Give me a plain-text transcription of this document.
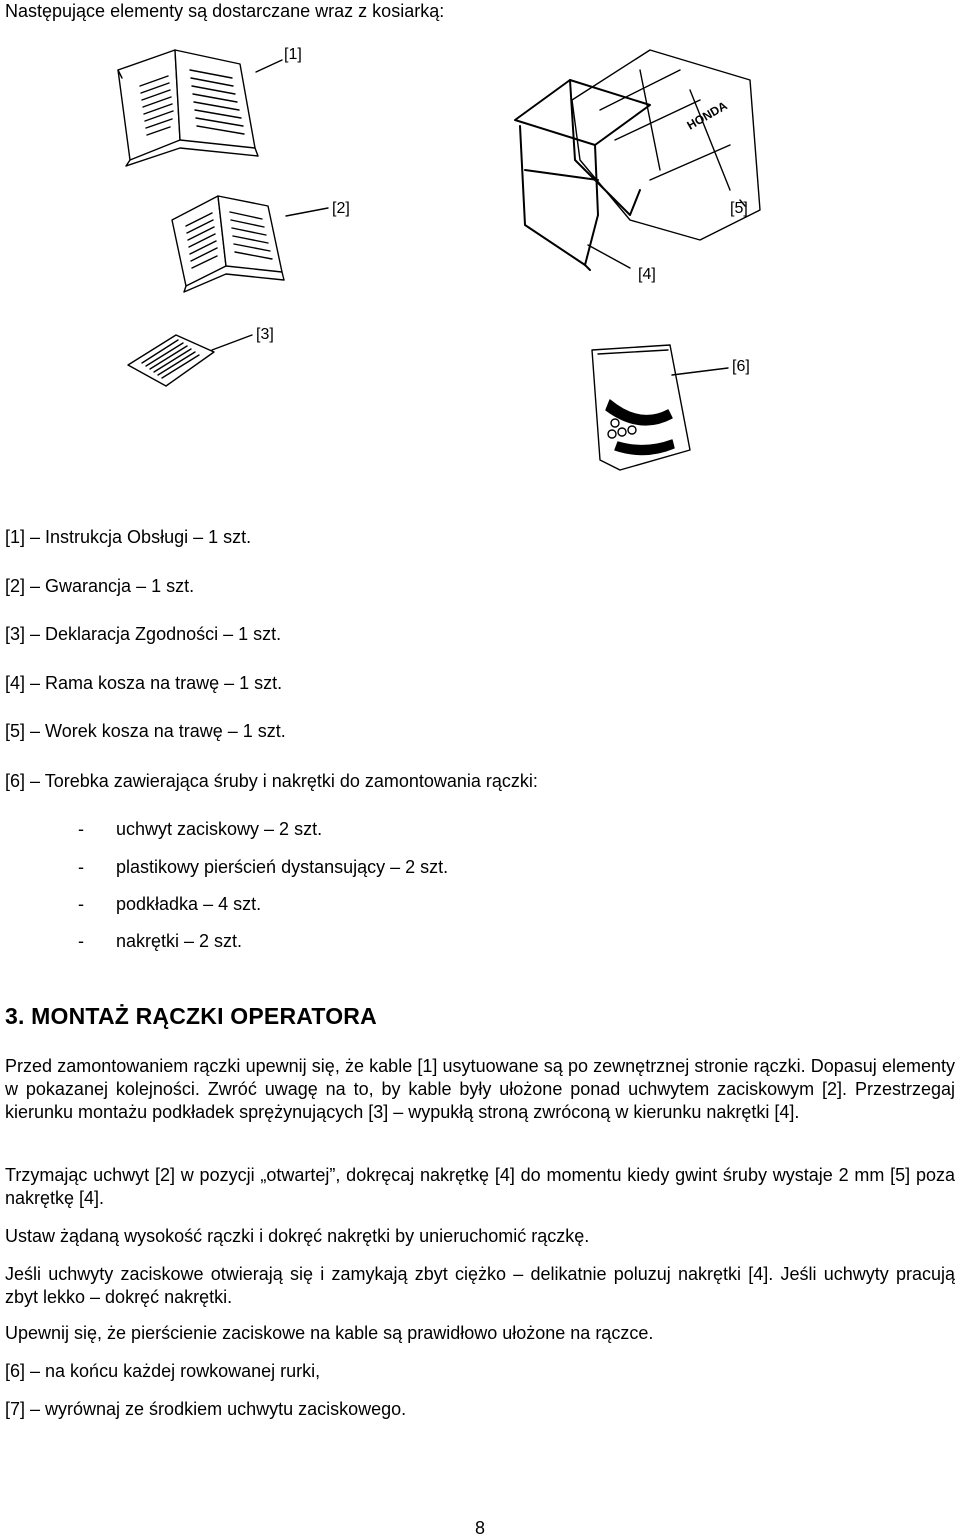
Następujące elementy są dostarczane wraz z kosiarką:
HONDA
[1]
[2]
[3]
[4]
[5]
[6]
[1] – Instrukcja Obsługi – 1 szt.
[2] – Gwarancja – 1 szt.
[3] – Deklaracja Zgodności – 1 szt.
[4] – Rama kosza na trawę – 1 szt.
[5] – Worek kosza na trawę – 1 szt.
[6] – Torebka zawierająca śruby i nakrętki do zamontowania rączki:
- uchwyt zaciskowy – 2 szt.
- plastikowy pierścień dystansujący – 2 szt.
- podkładka – 4 szt.
- nakrętki – 2 szt.
3. MONTAŻ RĄCZKI OPERATORA
Przed zamontowaniem rączki upewnij się, że kable [1] usytuowane są po zewnętrznej stronie rączki. Dopasuj elementy w pokazanej kolejności. Zwróć uwagę na to, by kable były ułożone ponad uchwytem zaciskowym [2]. Przestrzegaj kierunku montażu podkładek sprężynujących [3] – wypukłą stroną zwróconą w kierunku nakrętki [4].
Trzymając uchwyt [2] w pozycji „otwartej”, dokręcaj nakrętkę [4] do momentu kiedy gwint śruby wystaje 2 mm [5] poza nakrętkę [4].
Ustaw żądaną wysokość rączki i dokręć nakrętki by unieruchomić rączkę.
Jeśli uchwyty zaciskowe otwierają się i zamykają zbyt ciężko – delikatnie poluzuj nakrętki [4]. Jeśli uchwyty pracują zbyt lekko – dokręć nakrętki.
Upewnij się, że pierścienie zaciskowe na kable są prawidłowo ułożone na rączce.
[6] – na końcu każdej rowkowanej rurki,
[7] – wyrównaj ze środkiem uchwytu zaciskowego.
8
